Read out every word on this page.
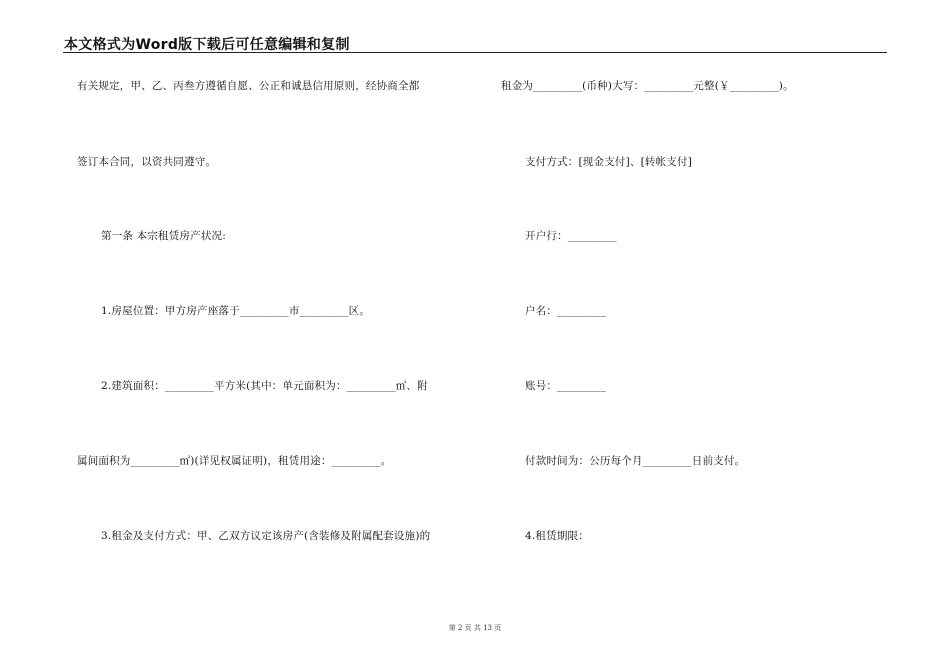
本文格式为Word版下载后可任意编辑和复制
有关规定，甲、乙、丙叁方遵循自愿、公正和诚恳信用原则，经协商全都
签订本合同，以资共同遵守。
第一条 本宗租赁房产状况:
1.房屋位置：甲方房产座落于_________市_________区。
2.建筑面积：_________平方米(其中：单元面积为：_________㎡、附
属间面积为_________㎡)(详见权属证明)，租赁用途：_________。
3.租金及支付方式：甲、乙双方议定该房产(含装修及附属配套设施)的
租金为_________(币种)大写：_________元整(￥_________)。
支付方式：[现金支付]、[转帐支付]
开户行：_________
户名：_________
账号：_________
付款时间为：公历每个月_________日前支付。
4.租赁期限：
第 2 页 共 13 页
